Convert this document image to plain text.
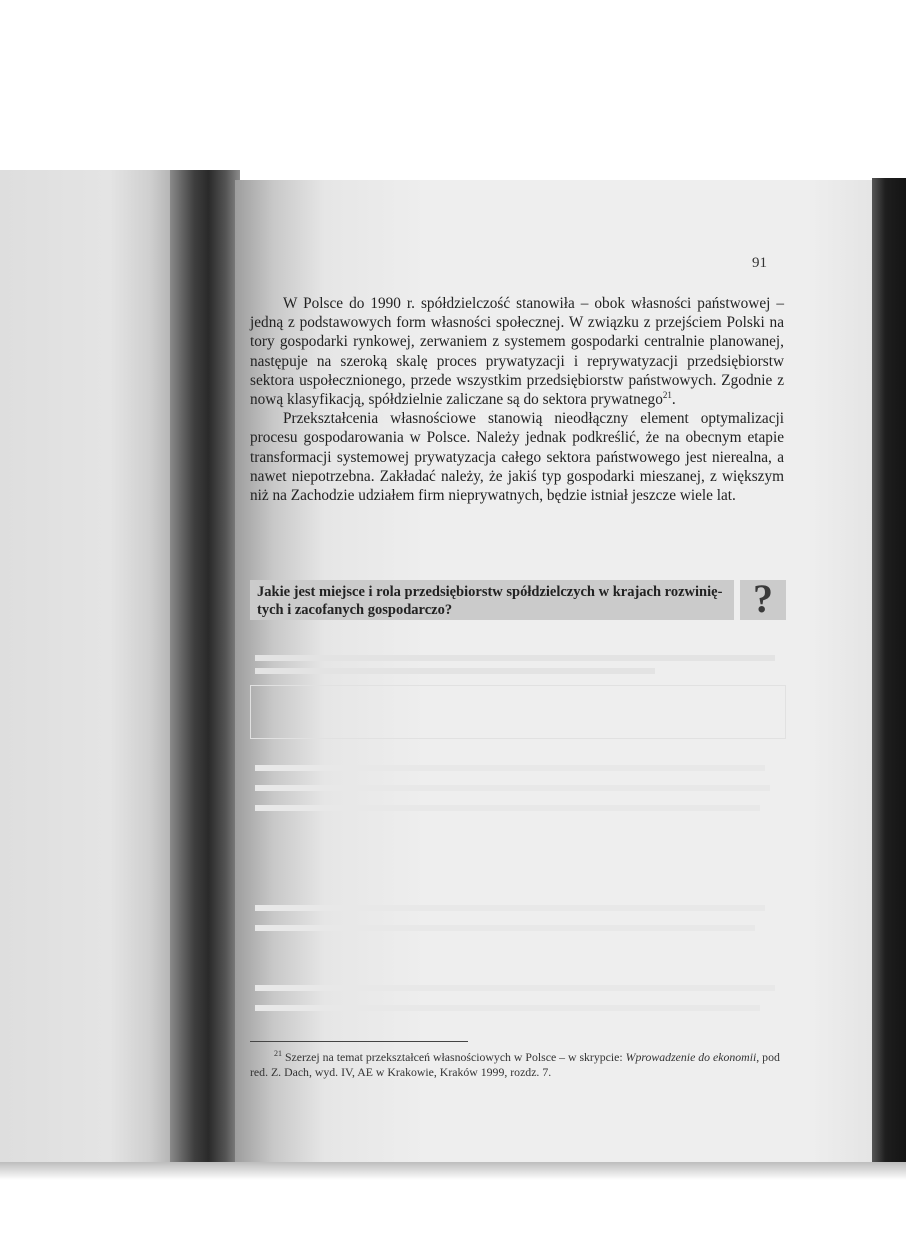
91

W Polsce do 1990 r. spółdzielczość stanowiła – obok własności państwowej – jedną z podstawowych form własności społecznej. W związku z przejściem Polski na tory gospodarki rynkowej, zerwaniem z systemem gospodarki centralnie planowanej, następuje na szeroką skalę proces prywatyzacji i reprywatyzacji przedsiębiorstw sektora uspołecznionego, przede wszystkim przedsiębiorstw państwowych. Zgodnie z nową klasyfikacją, spółdzielnie zaliczane są do sektora prywatnego$^{21}$.

Przekształcenia własnościowe stanowią nieodłączny element optymalizacji procesu gospodarowania w Polsce. Należy jednak podkreślić, że na obecnym etapie transformacji systemowej prywatyzacja całego sektora państwowego jest nierealna, a nawet niepotrzebna. Zakładać należy, że jakiś typ gospodarki mieszanej, z większym niż na Zachodzie udziałem firm nieprywatnych, będzie istniał jeszcze wiele lat.

Jakie jest miejsce i rola przedsiębiorstw spółdzielczych w krajach rozwiniętych i zacofanych gospodarczo?	?
$^{21}$ Szerzej na temat przekształceń własnościowych w Polsce – w skrypcie: Wprowadzenie do ekonomii, pod red. Z. Dach, wyd. IV, AE w Krakowie, Kraków 1999, rozdz. 7.
